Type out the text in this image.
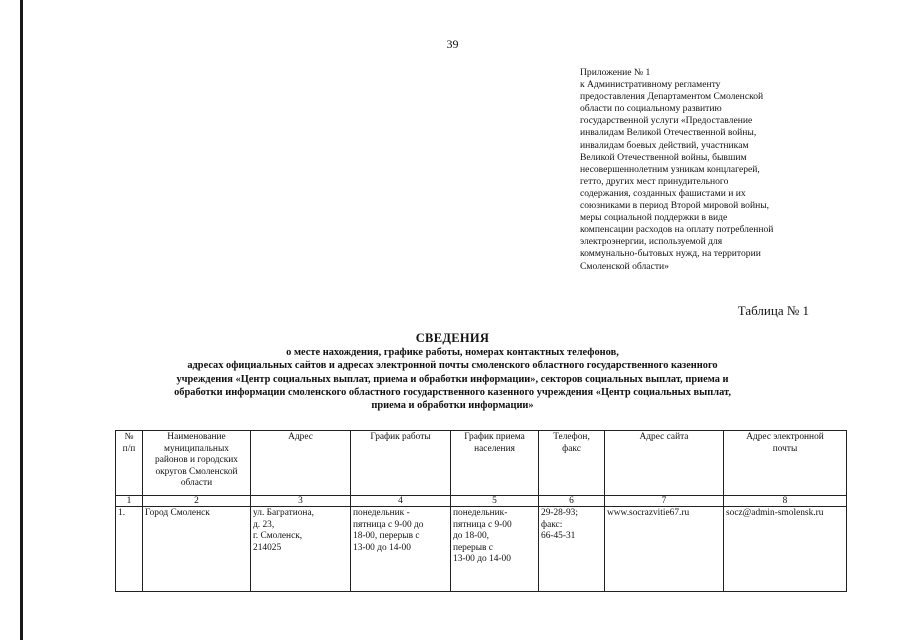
39
Приложение № 1
к Административному регламенту
предоставления Департаментом Смоленской
области по социальному развитию
государственной услуги «Предоставление
инвалидам Великой Отечественной войны,
инвалидам боевых действий, участникам
Великой Отечественной войны, бывшим
несовершеннолетним узникам концлагерей,
гетто, других мест принудительного
содержания, созданных фашистами и их
союзниками в период Второй мировой войны,
меры социальной поддержки в виде
компенсации расходов на оплату потребленной
электроэнергии, используемой для
коммунально-бытовых нужд, на территории
Смоленской области»
Таблица № 1
СВЕДЕНИЯ
о месте нахождения, графике работы, номерах контактных телефонов,
адресах официальных сайтов и адресах электронной почты смоленского областного государственного казенного
учреждения «Центр социальных выплат, приема и обработки информации», секторов социальных выплат, приема и
обработки информации смоленского областного государственного казенного учреждения «Центр социальных выплат,
приема и обработки информации»
№
п/п	Наименование
муниципальных
районов и городских
округов Смоленской
области	Адрес	График работы	График приема
населения	Телефон,
факс	Адрес сайта	Адрес электронной
почты

1	2	3	4	5	6	7	8

1.	Город Смоленск	ул. Багратиона,
д. 23,
г. Смоленск,
214025	понедельник -
пятница с 9-00 до
18-00, перерыв с
13-00 до 14-00	понедельник-
пятница с 9-00
до 18-00,
перерыв с
13-00 до 14-00	29-28-93;
факс:
66-45-31	www.socrazvitie67.ru	socz@admin-smolensk.ru
